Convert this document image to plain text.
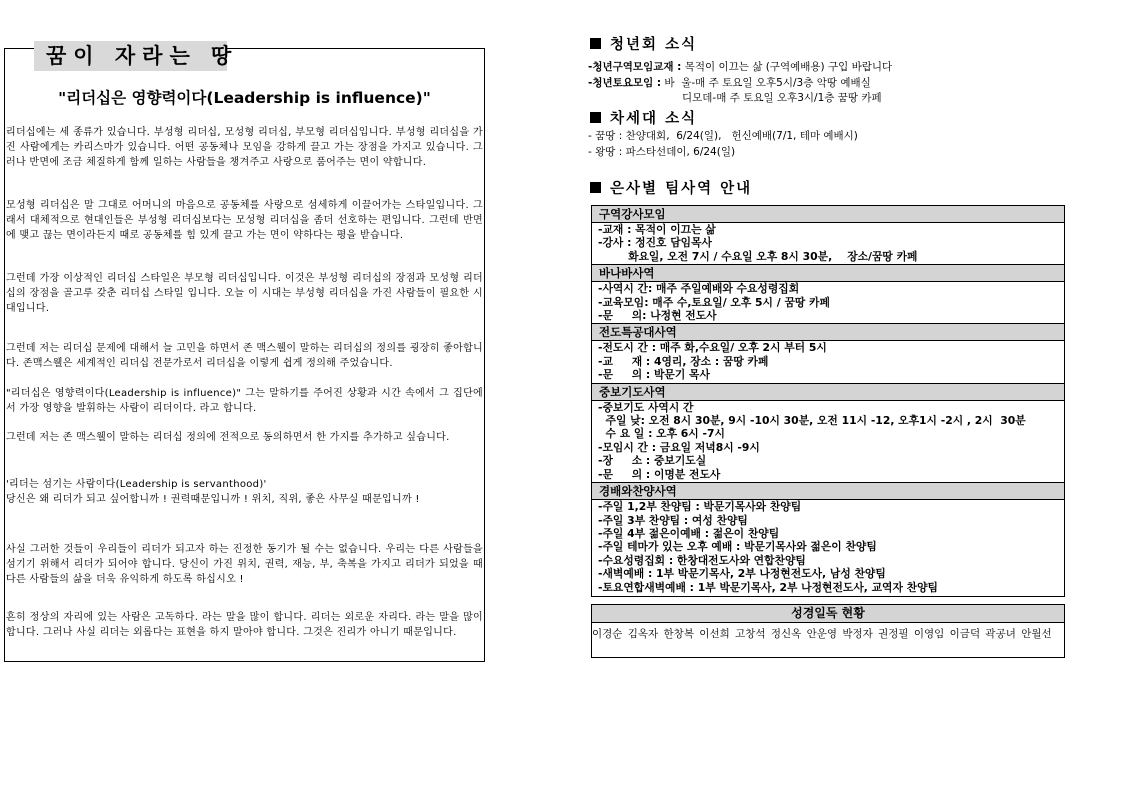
꿈이 자라는 땅
"리더십은 영향력이다(Leadership is influence)"

리더십에는 세 종류가 있습니다. 부성형 리더십, 모성형 리더십, 부모형 리더십입니다. 부성형 리더십을 가진 사람에게는 카리스마가 있습니다. 어떤 공동체나 모임을 강하게 끌고 가는 장점을 가지고 있습니다. 그러나 반면에 조금 체질하게 함께 일하는 사람들을 챙겨주고 사랑으로 품어주는 면이 약합니다.

모성형 리더십은 말 그대로 어머니의 마음으로 공동체를 사랑으로 섬세하게 이끌어가는 스타일입니다. 그래서 대체적으로 현대인들은 부성형 리더십보다는 모성형 리더십을 좀더 선호하는 편입니다. 그런데 반면에 맺고 끊는 면이라든지 때로 공동체를 힘 있게 끌고 가는 면이 약하다는 평을 받습니다.

그런데 가장 이상적인 리더십 스타일은 부모형 리더십입니다. 이것은 부성형 리더십의 장점과 모성형 리더십의 장점을 골고루 갖춘 리더십 스타일 입니다. 오늘 이 시대는 부성형 리더십을 가진 사람들이 필요한 시대입니다.

그런데 저는 리더십 문제에 대해서 늘 고민을 하면서 존 맥스웰이 말하는 리더십의 정의를 굉장히 좋아합니다. 존맥스웰은 세계적인 리더십 전문가로서 리더십을 이렇게 쉽게 정의해 주었습니다.

"리더십은 영향력이다(Leadership is influence)" 그는 말하기를 주어진 상황과 시간 속에서 그 집단에서 가장 영향을 발휘하는 사람이 리더이다. 라고 합니다.

그런데 저는 존 맥스웰이 말하는 리더십 정의에 전적으로 동의하면서 한 가지를 추가하고 싶습니다.

'리더는 섬기는 사람이다(Leadership is servanthood)'

당신은 왜 리더가 되고 싶어합니까 ! 권력때문입니까 ! 위치, 직위, 좋은 사무실 때문입니까 !

사실 그러한 것들이 우리들이 리더가 되고자 하는 진정한 동기가 될 수는 없습니다. 우리는 다른 사람들을 섬기기 위해서 리더가 되어야 합니다. 당신이 가진 위치, 권력, 재능, 부, 축복을 가지고 리더가 되었을 때 다른 사람들의 삶을 더욱 유익하게 하도록 하십시오 !

흔히 정상의 자리에 있는 사람은 고독하다. 라는 말을 많이 합니다. 리더는 외로운 자리다. 라는 말을 많이 합니다. 그러나 사실 리더는 외롭다는 표현을 하지 말아야 합니다. 그것은 진리가 아니기 때문입니다.

청년회 소식
-청년구역모임교재 : 목적이 이끄는 삶 (구역예배용) 구입 바랍니다
-청년토요모임 : 바  울-매 주 토요일 오후5시/3층 악땅 예배실
디모데-매 주 토요일 오후3시/1층 꿈땅 카페
차세대 소식
- 꿈땅 : 찬양대회,  6/24(일),   헌신예배(7/1, 테마 예배시)
- 왕땅 : 파스타선데이, 6/24(일)
은사별 팀사역 안내
구역강사모임
-교재 : 목적이 이끄는 삶
-강사 : 정진호 담임목사
화요일, 오전 7시 / 수요일 오후 8시 30분,    장소/꿈땅 카페
바나바사역
-사역시 간: 매주 주일예배와 수요성령집회
-교육모임: 매주 수,토요일/ 오후 5시 / 꿈땅 카페
-문     의: 나정현 전도사
전도특공대사역
-전도시 간 : 매주 화,수요일/ 오후 2시 부터 5시
-교     재 : 4영리, 장소 : 꿈땅 카페
-문     의 : 박문기 목사
중보기도사역
-중보기도 사역시 간
주일 낮: 오전 8시 30분, 9시 -10시 30분, 오전 11시 -12, 오후1시 -2시 , 2시  30분
수 요 일 : 오후 6시 -7시
-모임시 간 : 금요일 저녁8시 -9시
-장     소 : 중보기도실
-문     의 : 이명분 전도사
경배와찬양사역
-주일 1,2부 찬양팀 : 박문기목사와 찬양팀
-주일 3부 찬양팀 : 여성 찬양팀
-주일 4부 젊은이예배 : 젊은이 찬양팀
-주일 테마가 있는 오후 예배 : 박문기목사와 젊은이 찬양팀
-수요성령집회 : 한창대전도사와 연합찬양팀
-새벽예배 : 1부 박문기목사, 2부 나정현전도사, 남성 찬양팀
-토요연합새벽예배 : 1부 박문기목사, 2부 나정현전도사, 교역자 찬양팀
성경일독 현황
이경순 김옥자 한창복 이선희 고창석 정신옥 안운영 박정자 권정필 이영임 이금덕 곽공녀 안월선
